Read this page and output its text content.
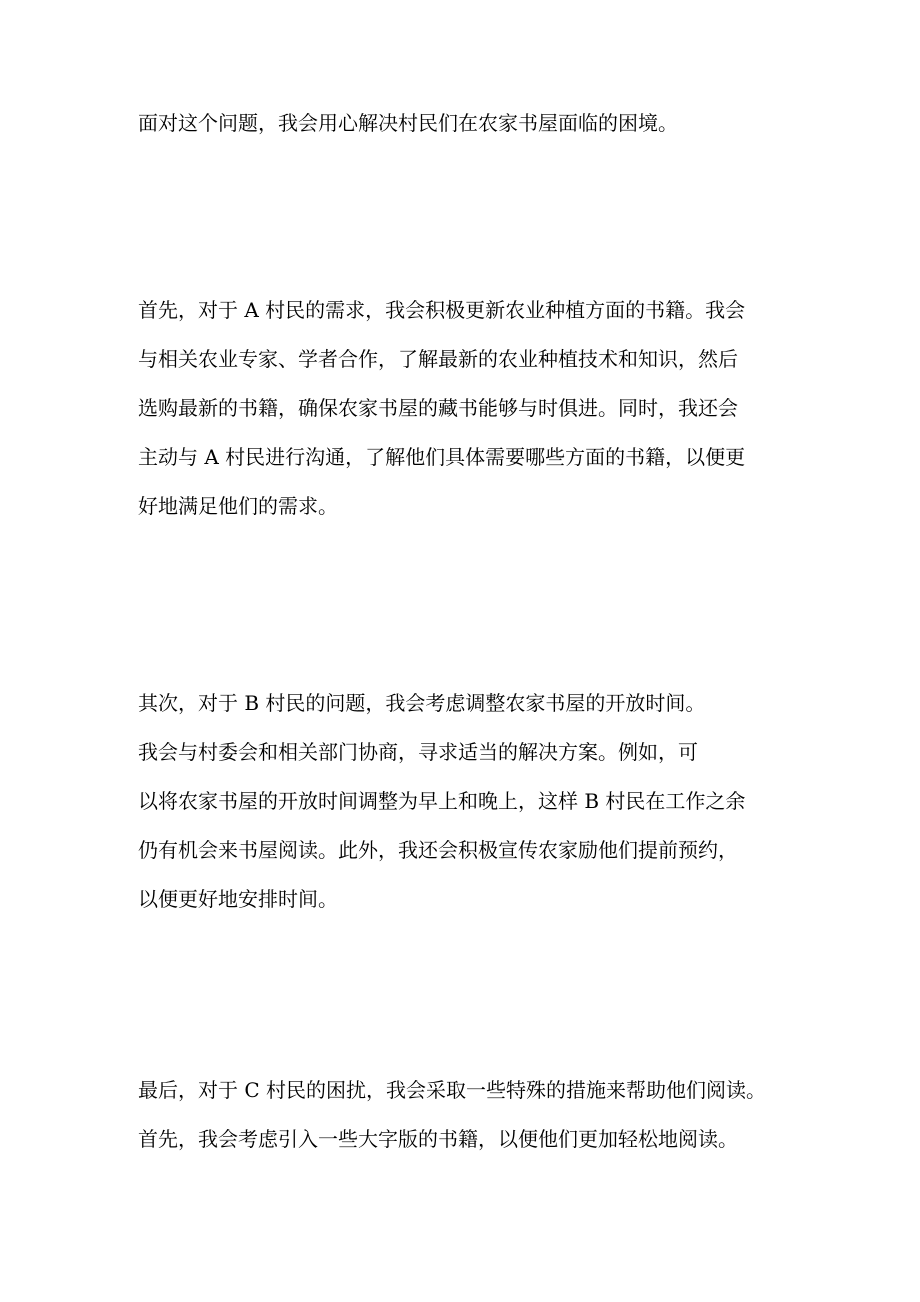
面对这个问题，我会用心解决村民们在农家书屋面临的困境。

首先，对于 A 村民的需求，我会积极更新农业种植方面的书籍。我会

与相关农业专家、学者合作，了解最新的农业种植技术和知识，然后

选购最新的书籍，确保农家书屋的藏书能够与时俱进。同时，我还会

主动与 A 村民进行沟通，了解他们具体需要哪些方面的书籍，以便更

好地满足他们的需求。

其次，对于 B 村民的问题，我会考虑调整农家书屋的开放时间。

我会与村委会和相关部门协商，寻求适当的解决方案。例如，可

以将农家书屋的开放时间调整为早上和晚上，这样 B 村民在工作之余

仍有机会来书屋阅读。此外，我还会积极宣传农家励他们提前预约，

以便更好地安排时间。

最后，对于 C 村民的困扰，我会采取一些特殊的措施来帮助他们阅读。

首先，我会考虑引入一些大字版的书籍，以便他们更加轻松地阅读。
